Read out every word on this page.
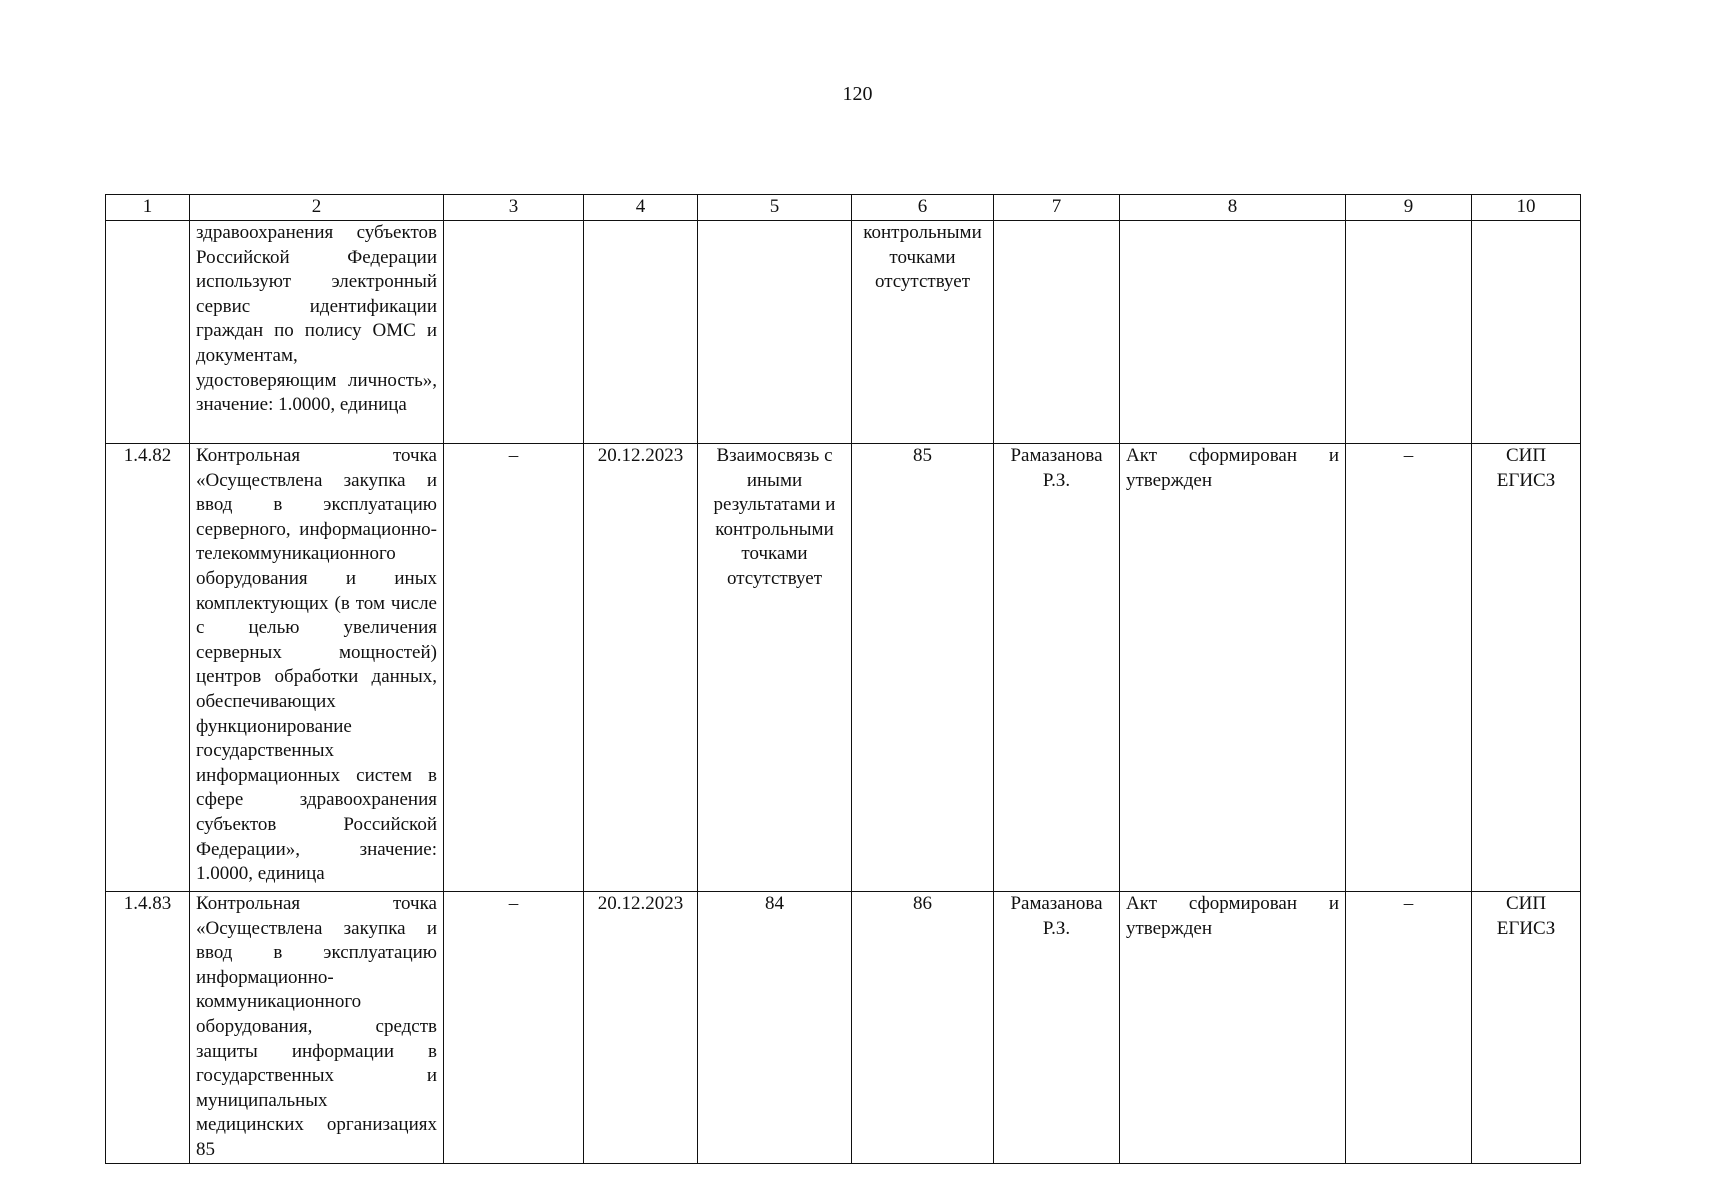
120
1	2	3	4	5	6	7	8	9	10
	здравоохранения субъектов Российской Федерации используют электронный сервис идентификации граждан по полису ОМС и документам, удостоверяющим личность», значение: 1.0000, единица				контрольными точками отсутствует				
1.4.82	Контрольная точка «Осуществлена закупка и ввод в эксплуатацию серверного, информационно-телекоммуникационного оборудования и иных комплектующих (в том числе с целью увеличения серверных мощностей) центров обработки данных, обеспечивающих функционирование государственных информационных систем в сфере здравоохранения субъектов Российской Федерации», значение: 1.0000, единица	–	20.12.2023	Взаимосвязь с иными результатами и контрольными точками отсутствует	85	Рамазанова Р.З.	Акт сформирован и утвержден	–	СИП ЕГИСЗ
1.4.83	Контрольная точка «Осуществлена закупка и ввод в эксплуатацию информационно-коммуникационного оборудования, средств защиты информации в государственных и муниципальных медицинских организациях 85	–	20.12.2023	84	86	Рамазанова Р.З.	Акт сформирован и утвержден	–	СИП ЕГИСЗ
